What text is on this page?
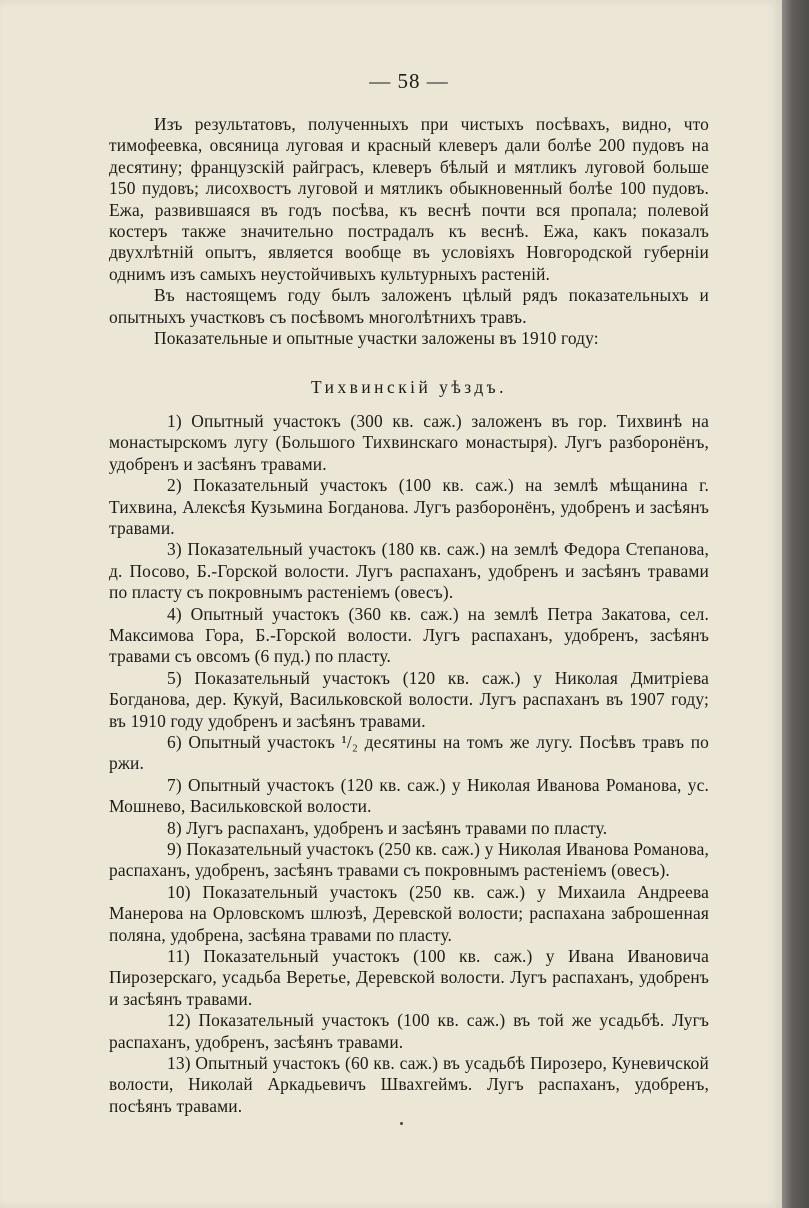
— 58 —

Изъ результатовъ, полученныхъ при чистыхъ посѣвахъ, видно, что тимофеевка, овсяница луговая и красный клеверъ дали болѣе 200 пудовъ на десятину; французскій райграсъ, клеверъ бѣлый и мятликъ луговой больше 150 пудовъ; лисохвостъ луговой и мятликъ обыкновенный болѣе 100 пудовъ. Ежа, развившаяся въ годъ посѣва, къ веснѣ почти вся пропала; полевой костеръ также значительно пострадалъ къ веснѣ. Ежа, какъ показалъ двухлѣтній опытъ, является вообще въ условіяхъ Новгородской губерніи однимъ изъ самыхъ неустойчивыхъ культурныхъ растеній.

Въ настоящемъ году былъ заложенъ цѣлый рядъ показательныхъ и опытныхъ участковъ съ посѣвомъ многолѣтнихъ травъ.

Показательные и опытные участки заложены въ 1910 году:

Тихвинскій уѣздъ.

1) Опытный участокъ (300 кв. саж.) заложенъ въ гор. Тихвинѣ на монастырскомъ лугу (Большого Тихвинскаго монастыря). Лугъ разборонёнъ, удобренъ и засѣянъ травами.

2) Показательный участокъ (100 кв. саж.) на землѣ мѣщанина г. Тихвина, Алексѣя Кузьмина Богданова. Лугъ разборонёнъ, удобренъ и засѣянъ травами.

3) Показательный участокъ (180 кв. саж.) на землѣ Федора Степанова, д. Посово, Б.-Горской волости. Лугъ распаханъ, удобренъ и засѣянъ травами по пласту съ покровнымъ растеніемъ (овесъ).

4) Опытный участокъ (360 кв. саж.) на землѣ Петра Закатова, сел. Максимова Гора, Б.-Горской волости. Лугъ распаханъ, удобренъ, засѣянъ травами съ овсомъ (6 пуд.) по пласту.

5) Показательный участокъ (120 кв. саж.) у Николая Дмитріева Богданова, дер. Кукуй, Васильковской волости. Лугъ распаханъ въ 1907 году; въ 1910 году удобренъ и засѣянъ травами.

6) Опытный участокъ ¹/₂ десятины на томъ же лугу. Посѣвъ травъ по ржи.

7) Опытный участокъ (120 кв. саж.) у Николая Иванова Романова, ус. Мошнево, Васильковской волости.

8) Лугъ распаханъ, удобренъ и засѣянъ травами по пласту.

9) Показательный участокъ (250 кв. саж.) у Николая Иванова Романова, распаханъ, удобренъ, засѣянъ травами съ покровнымъ растеніемъ (овесъ).

10) Показательный участокъ (250 кв. саж.) у Михаила Андреева Манерова на Орловскомъ шлюзѣ, Деревской волости; распахана заброшенная поляна, удобрена, засѣяна травами по пласту.

11) Показательный участокъ (100 кв. саж.) у Ивана Ивановича Пирозерскаго, усадьба Веретье, Деревской волости. Лугъ распаханъ, удобренъ и засѣянъ травами.

12) Показательный участокъ (100 кв. саж.) въ той же усадьбѣ. Лугъ распаханъ, удобренъ, засѣянъ травами.

13) Опытный участокъ (60 кв. саж.) въ усадьбѣ Пирозеро, Куневичской волости, Николай Аркадьевичъ Швахгеймъ. Лугъ распаханъ, удобренъ, посѣянъ травами.
